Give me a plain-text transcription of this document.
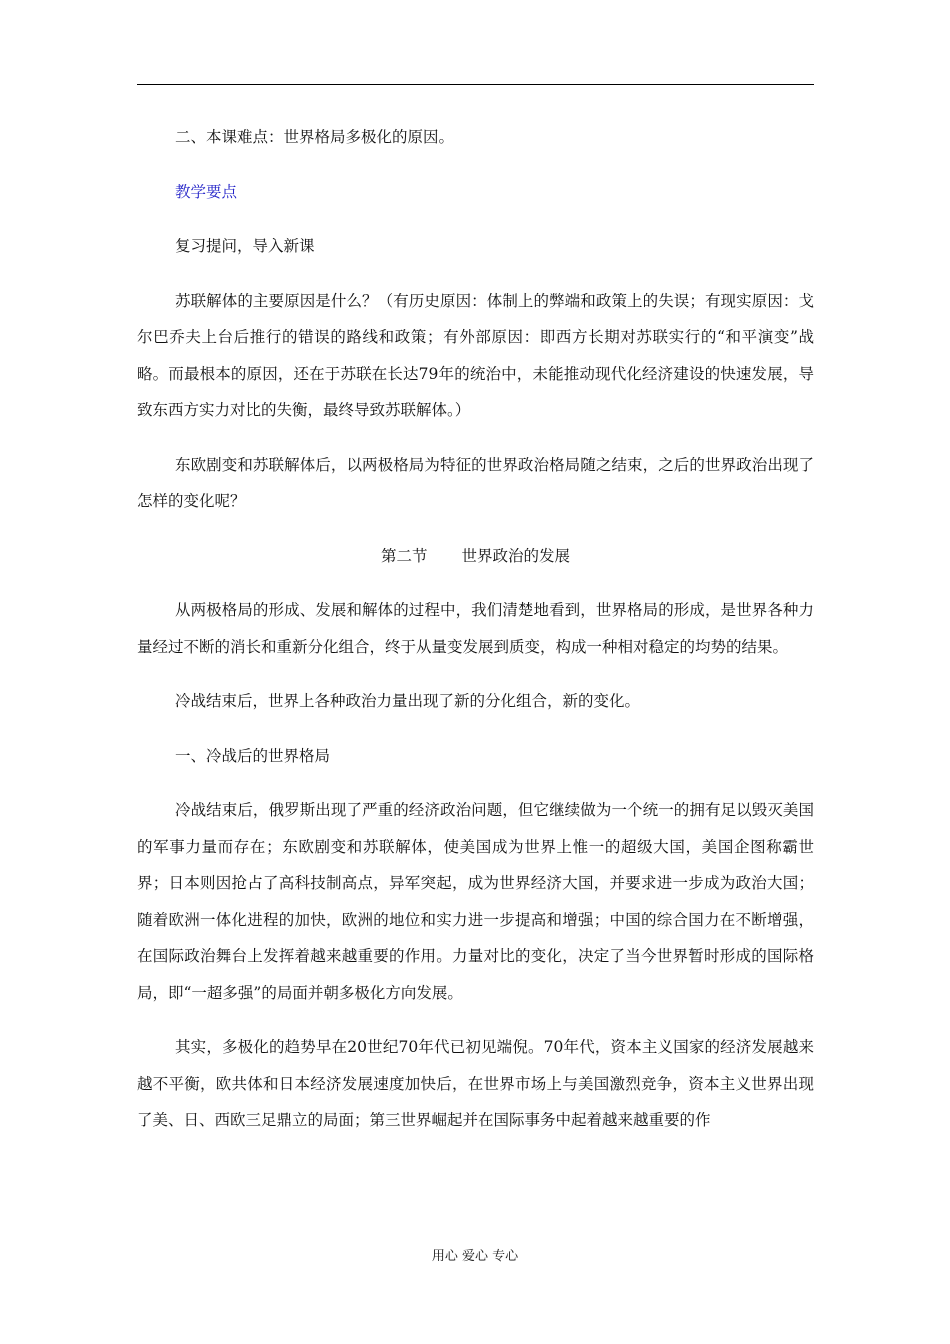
二、本课难点：世界格局多极化的原因。

教学要点

复习提问，导入新课

苏联解体的主要原因是什么？（有历史原因：体制上的弊端和政策上的失误；有现实原因：戈尔巴乔夫上台后推行的错误的路线和政策；有外部原因：即西方长期对苏联实行的“和平演变”战略。而最根本的原因，还在于苏联在长达79年的统治中，未能推动现代化经济建设的快速发展，导致东西方实力对比的失衡，最终导致苏联解体。）

东欧剧变和苏联解体后，以两极格局为特征的世界政治格局随之结束，之后的世界政治出现了怎样的变化呢？

第二节 世界政治的发展

从两极格局的形成、发展和解体的过程中，我们清楚地看到，世界格局的形成，是世界各种力量经过不断的消长和重新分化组合，终于从量变发展到质变，构成一种相对稳定的均势的结果。

冷战结束后，世界上各种政治力量出现了新的分化组合，新的变化。

一、冷战后的世界格局

冷战结束后，俄罗斯出现了严重的经济政治问题，但它继续做为一个统一的拥有足以毁灭美国的军事力量而存在；东欧剧变和苏联解体，使美国成为世界上惟一的超级大国，美国企图称霸世界；日本则因抢占了高科技制高点，异军突起，成为世界经济大国，并要求进一步成为政治大国；随着欧洲一体化进程的加快，欧洲的地位和实力进一步提高和增强；中国的综合国力在不断增强，在国际政治舞台上发挥着越来越重要的作用。力量对比的变化，决定了当今世界暂时形成的国际格局，即“一超多强”的局面并朝多极化方向发展。

其实，多极化的趋势早在20世纪70年代已初见端倪。70年代，资本主义国家的经济发展越来越不平衡，欧共体和日本经济发展速度加快后，在世界市场上与美国激烈竞争，资本主义世界出现了美、日、西欧三足鼎立的局面；第三世界崛起并在国际事务中起着越来越重要的作

用心 爱心 专心
